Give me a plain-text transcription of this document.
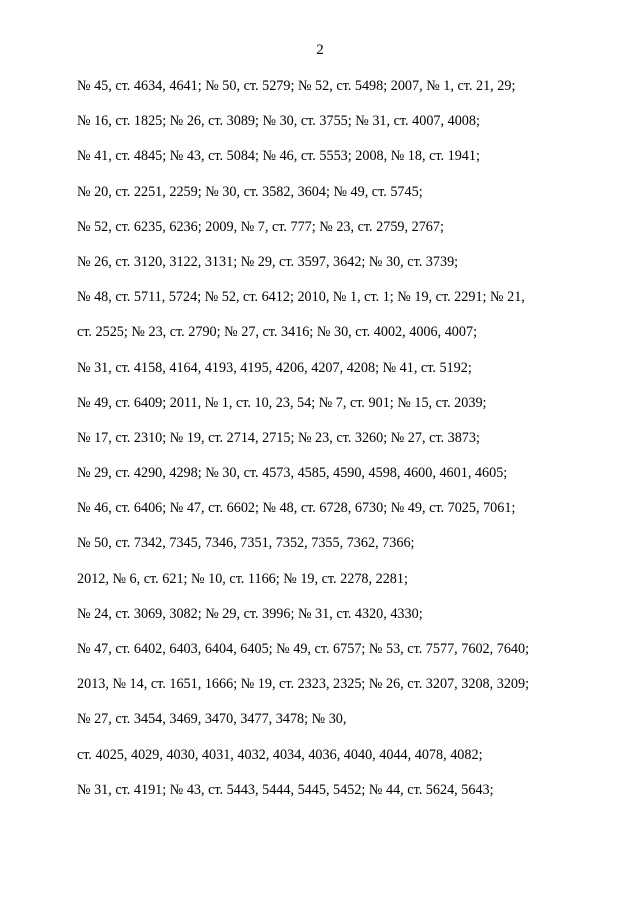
2
№ 45, ст. 4634, 4641; № 50, ст. 5279; № 52, ст. 5498; 2007, № 1, ст. 21, 29;
№ 16, ст. 1825; № 26, ст. 3089; № 30, ст. 3755; № 31, ст. 4007, 4008;
№ 41, ст. 4845; № 43, ст. 5084; № 46, ст. 5553; 2008, № 18, ст. 1941;
№ 20, ст. 2251, 2259; № 30, ст. 3582, 3604; № 49, ст. 5745;
№ 52, ст. 6235, 6236; 2009, № 7, ст. 777; № 23, ст. 2759, 2767;
№ 26, ст. 3120, 3122, 3131; № 29, ст. 3597, 3642; № 30, ст. 3739;
№ 48, ст. 5711, 5724; № 52, ст. 6412; 2010, № 1, ст. 1; № 19, ст. 2291; № 21,
ст. 2525; № 23, ст. 2790; № 27, ст. 3416; № 30, ст. 4002, 4006, 4007;
№ 31, ст. 4158, 4164, 4193, 4195, 4206, 4207, 4208; № 41, ст. 5192;
№ 49, ст. 6409; 2011, № 1, ст. 10, 23, 54; № 7, ст. 901; № 15, ст. 2039;
№ 17, ст. 2310; № 19, ст. 2714, 2715; № 23, ст. 3260; № 27, ст. 3873;
№ 29, ст. 4290, 4298; № 30, ст. 4573, 4585, 4590, 4598, 4600, 4601, 4605;
№ 46, ст. 6406; № 47, ст. 6602; № 48, ст. 6728, 6730; № 49, ст. 7025, 7061;
№ 50, ст. 7342, 7345, 7346, 7351, 7352, 7355, 7362, 7366;
2012, № 6, ст. 621; № 10, ст. 1166; № 19, ст. 2278, 2281;
№ 24, ст. 3069, 3082; № 29, ст. 3996; № 31, ст. 4320, 4330;
№ 47, ст. 6402, 6403, 6404, 6405; № 49, ст. 6757; № 53, ст. 7577, 7602, 7640;
2013, № 14, ст. 1651, 1666; № 19, ст. 2323, 2325; № 26, ст. 3207, 3208, 3209;
№ 27, ст. 3454, 3469, 3470, 3477, 3478; № 30,
ст. 4025, 4029, 4030, 4031, 4032, 4034, 4036, 4040, 4044, 4078, 4082;
№ 31, ст. 4191; № 43, ст. 5443, 5444, 5445, 5452; № 44, ст. 5624, 5643;
